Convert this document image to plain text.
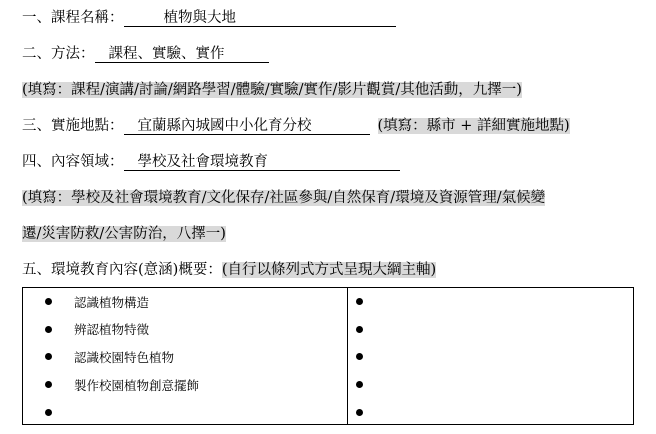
一、課程名稱：	植物與大地
二、方法： 課程、實驗、實作
(填寫：課程/演講/討論/網路學習/體驗/實驗/實作/影片觀賞/其他活動，九擇一)
三、實施地點： 宜蘭縣內城國中小化育分校	(填寫：縣市 + 詳細實施地點)
四、內容領域： 學校及社會環境教育
(填寫：學校及社會環境教育/文化保存/社區參與/自然保育/環境及資源管理/氣候變
遷/災害防救/公害防治，八擇一)
五、環境教育內容(意涵)概要：(自行以條列式方式呈現大綱主軸)
認識植物構造
辨認植物特徵
認識校園特色植物
製作校園植物創意擺飾
